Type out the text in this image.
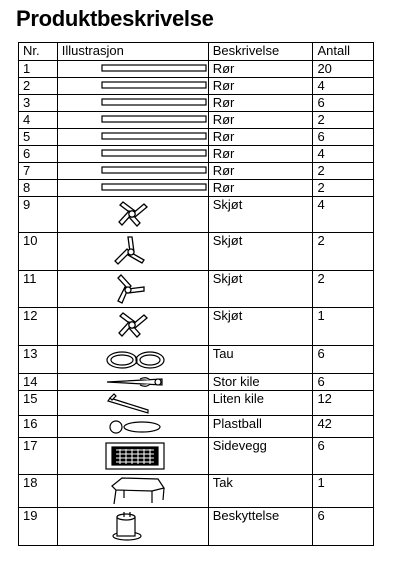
Produktbeskrivelse
Nr.	Illustrasjon	Beskrivelse	Antall
1		Rør	20
2		Rør	4
3		Rør	6
4		Rør	2
5		Rør	6
6		Rør	4
7		Rør	2
8		Rør	2
9		Skjøt	4
10		Skjøt	2
11		Skjøt	2
12		Skjøt	1
13		Tau	6
14		Stor kile	6
15		Liten kile	12
16		Plastball	42
17		Sidevegg	6
18		Tak	1
19		Beskyttelse	6
